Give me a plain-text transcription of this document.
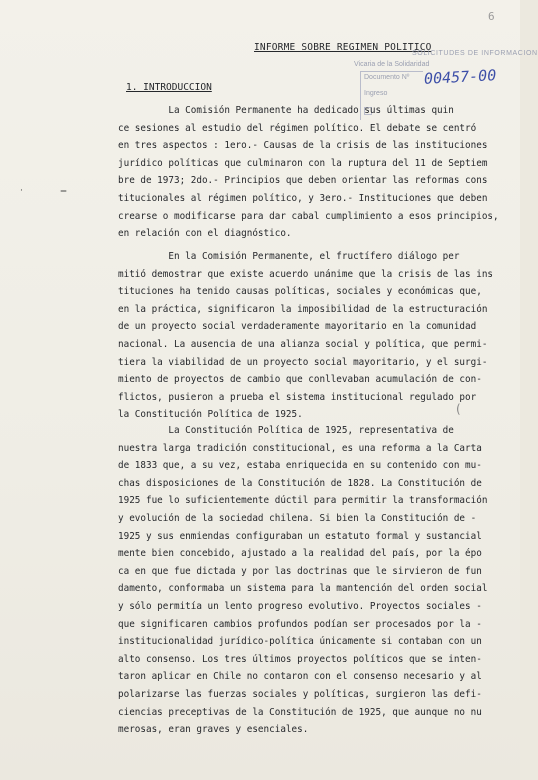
6
INFORME SOBRE REGIMEN POLITICO
SOLICITUDES DE INFORMACION
Vicaria de la Solidaridad
Documento Nº
Ingreso
00457-00
1. INTRODUCCION
La Comisión Permanente ha dedicado sus últimas quin
ce sesiones al estudio del régimen político. El debate se centró
en tres aspectos : 1ero.- Causas de la crisis de las instituciones
jurídico políticas que culminaron con la ruptura del 11 de Septiem
bre de 1973; 2do.- Principios que deben orientar las reformas cons
titucionales al régimen político, y 3ero.- Instituciones que deben
crearse o modificarse para dar cabal cumplimiento a esos principios,
en relación con el diagnóstico.
En la Comisión Permanente, el fructífero diálogo per
mitió demostrar que existe acuerdo unánime que la crisis de las ins
tituciones ha tenido causas políticas, sociales y económicas que,
en la práctica, significaron la imposibilidad de la estructuración
de un proyecto social verdaderamente mayoritario en la comunidad
nacional. La ausencia de una alianza social y política, que permi-
tiera la viabilidad de un proyecto social mayoritario, y el surgi-
miento de proyectos de cambio que conllevaban acumulación de con-
flictos, pusieron a prueba el sistema institucional regulado por
la Constitución Política de 1925.
La Constitución Política de 1925, representativa de
nuestra larga tradición constitucional, es una reforma a la Carta
de 1833 que, a su vez, estaba enriquecida en su contenido con mu-
chas disposiciones de la Constitución de 1828. La Constitución de
1925 fue lo suficientemente dúctil para permitir la transformación
y evolución de la sociedad chilena. Si bien la Constitución de -
1925 y sus enmiendas configuraban un estatuto formal y sustancial
mente bien concebido, ajustado a la realidad del país, por la épo
ca en que fue dictada y por las doctrinas que le sirvieron de fun
damento, conformaba un sistema para la mantención del orden social
y sólo permitía un lento progreso evolutivo. Proyectos sociales -
que significaren cambios profundos podían ser procesados por la -
institucionalidad jurídico-política únicamente si contaban con un
alto consenso. Los tres últimos proyectos políticos que se inten-
taron aplicar en Chile no contaron con el consenso necesario y al
polarizarse las fuerzas sociales y políticas, surgieron las defi-
ciencias preceptivas de la Constitución de 1925, que aunque no nu
merosas, eran graves y esenciales.
–
·
(
